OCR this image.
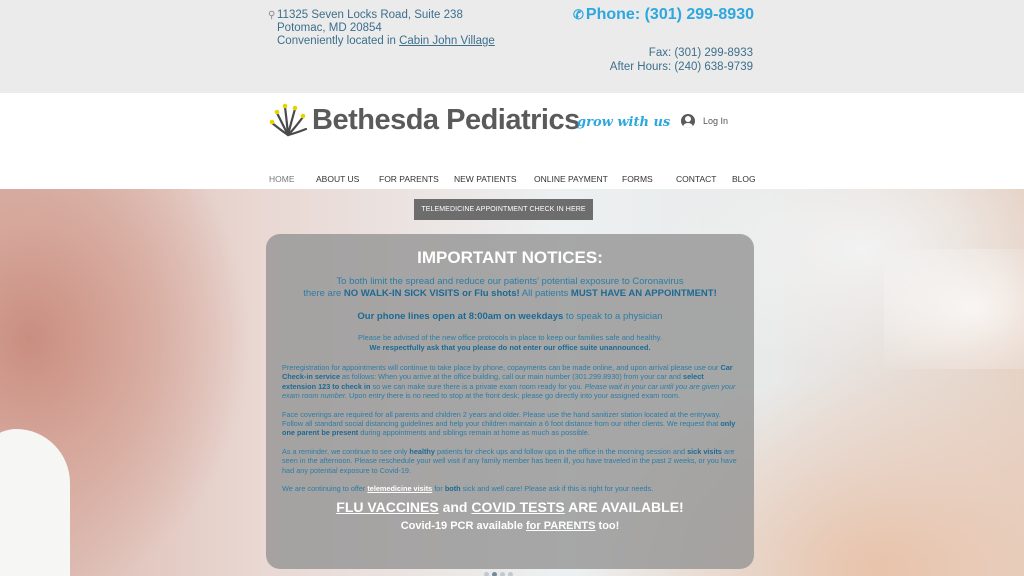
⚲ 11325 Seven Locks Road, Suite 238
Potomac, MD 20854
Conveniently located in Cabin John Village
✆ Phone: (301) 299-8930
Fax: (301) 299-8933
After Hours: (240) 638-9739
Bethesda Pediatrics
grow with us	Log In
HOME	ABOUT US	FOR PARENTS	NEW PATIENTS	ONLINE PAYMENT	FORMS	CONTACT	BLOG
TELEMEDICINE APPOINTMENT CHECK IN HERE
IMPORTANT NOTICES:
To both limit the spread and reduce our patients' potential exposure to Coronavirus
there are NO WALK-IN SICK VISITS or Flu shots! All patients MUST HAVE AN APPOINTMENT!
Our phone lines open at 8:00am on weekdays to speak to a physician
Please be advised of the new office protocols in place to keep our families safe and healthy.
We respectfully ask that you please do not enter our office suite unannounced.

Preregistration for appointments will continue to take place by phone, copayments can be made online, and upon arrival please use our Car Check-in service as follows: When you arrive at the office building, call our main number (301.299.8930) from your car and select extension 123 to check in so we can make sure there is a private exam room ready for you. Please wait in your car until you are given your exam room number. Upon entry there is no need to stop at the front desk; please go directly into your assigned exam room.

Face coverings are required for all parents and children 2 years and older. Please use the hand sanitizer station located at the entryway. Follow all standard social distancing guidelines and help your children maintain a 6 foot distance from our other clients. We request that only one parent be present during appointments and siblings remain at home as much as possible.

As a reminder, we continue to see only healthy patients for check ups and follow ups in the office in the morning session and sick visits are seen in the afternoon. Please reschedule your well visit if any family member has been ill, you have traveled in the past 2 weeks, or you have had any potential exposure to Covid-19.

We are continuing to offer telemedicine visits for both sick and well care! Please ask if this is right for your needs.

FLU VACCINES and COVID TESTS ARE AVAILABLE!
Covid-19 PCR available for PARENTS too!
